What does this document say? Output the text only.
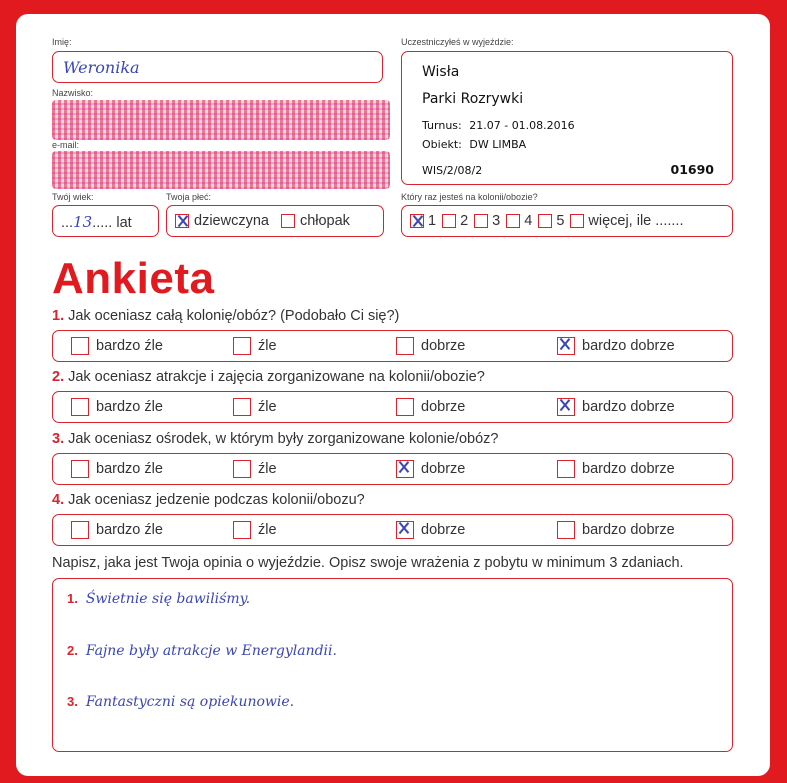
Imię:
Weronika
Nazwisko:
e-mail:
Twój wiek:
... 13 ..... lat
Twoja płeć:
dziewczyna chłopak
Uczestniczyłeś w wyjeździe:
Wisła
Parki Rozrywki
Turnus: 21.07 - 01.08.2016
Obiekt: DW LIMBA
WIS/2/08/2	01690
Który raz jesteś na kolonii/obozie?
1 2 3 4 5 więcej, ile .......
Ankieta
Napisz, jaka jest Twoja opinia o wyjeździe. Opisz swoje wrażenia z pobytu w minimum 3 zdaniach.
1. Świetnie się bawiliśmy.
2. Fajne były atrakcje w Energylandii.
3. Fantastyczni są opiekunowie.
1. Jak oceniasz całą kolonię/obóz? (Podobało Ci się?)
bardzo źle	źle	dobrze	bardzo dobrze
2. Jak oceniasz atrakcje i zajęcia zorganizowane na kolonii/obozie?
bardzo źle	źle	dobrze	bardzo dobrze
3. Jak oceniasz ośrodek, w którym były zorganizowane kolonie/obóz?
bardzo źle	źle	dobrze	bardzo dobrze
4. Jak oceniasz jedzenie podczas kolonii/obozu?
bardzo źle	źle	dobrze	bardzo dobrze
